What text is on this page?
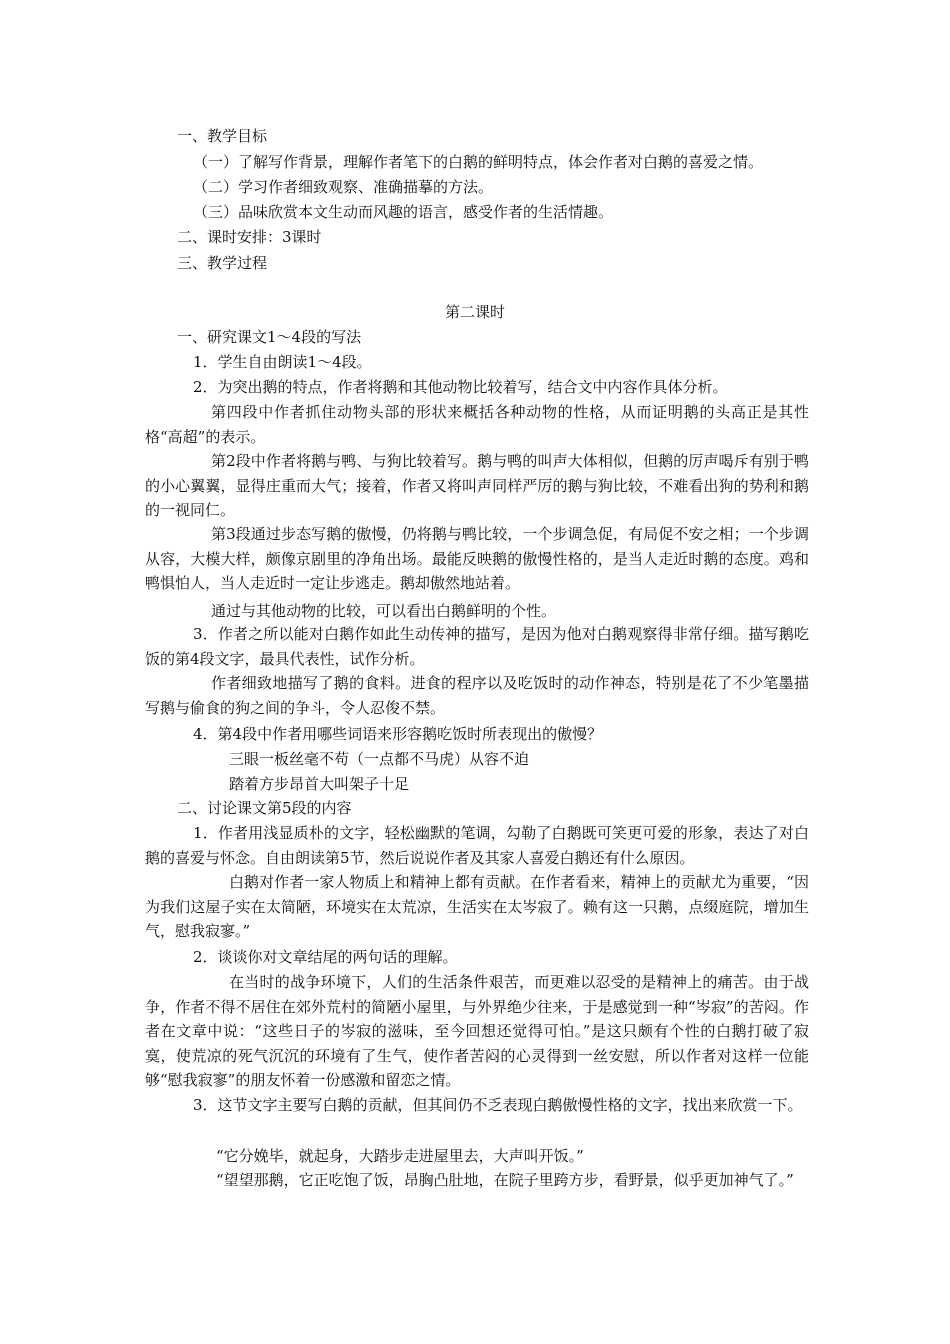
一、教学目标
（一）了解写作背景，理解作者笔下的白鹅的鲜明特点，体会作者对白鹅的喜爱之情。
（二）学习作者细致观察、准确描摹的方法。
（三）品味欣赏本文生动而风趣的语言，感受作者的生活情趣。
二、课时安排：3课时
三、教学过程
第二课时
一、研究课文1～4段的写法
1．学生自由朗读1～4段。
2．为突出鹅的特点，作者将鹅和其他动物比较着写，结合文中内容作具体分析。
第四段中作者抓住动物头部的形状来概括各种动物的性格，从而证明鹅的头高正是其性格“高超”的表示。
第2段中作者将鹅与鸭、与狗比较着写。鹅与鸭的叫声大体相似，但鹅的厉声喝斥有别于鸭的小心翼翼，显得庄重而大气；接着，作者又将叫声同样严厉的鹅与狗比较，不难看出狗的势利和鹅的一视同仁。
第3段通过步态写鹅的傲慢，仍将鹅与鸭比较，一个步调急促，有局促不安之相；一个步调从容，大模大样，颇像京剧里的净角出场。最能反映鹅的傲慢性格的，是当人走近时鹅的态度。鸡和鸭惧怕人，当人走近时一定让步逃走。鹅却傲然地站着。
通过与其他动物的比较，可以看出白鹅鲜明的个性。
3．作者之所以能对白鹅作如此生动传神的描写，是因为他对白鹅观察得非常仔细。描写鹅吃饭的第4段文字，最具代表性，试作分析。
作者细致地描写了鹅的食料。进食的程序以及吃饭时的动作神态，特别是花了不少笔墨描写鹅与偷食的狗之间的争斗，令人忍俊不禁。
4．第4段中作者用哪些词语来形容鹅吃饭时所表现出的傲慢？
三眼一板丝毫不苟（一点都不马虎）从容不迫
踏着方步昂首大叫架子十足
二、讨论课文第5段的内容
1．作者用浅显质朴的文字，轻松幽默的笔调，勾勒了白鹅既可笑更可爱的形象，表达了对白鹅的喜爱与怀念。自由朗读第5节，然后说说作者及其家人喜爱白鹅还有什么原因。
白鹅对作者一家人物质上和精神上都有贡献。在作者看来，精神上的贡献尤为重要，“因为我们这屋子实在太简陋，环境实在太荒凉，生活实在太岑寂了。赖有这一只鹅，点缀庭院，增加生气，慰我寂寥。”
2．谈谈你对文章结尾的两句话的理解。
在当时的战争环境下，人们的生活条件艰苦，而更难以忍受的是精神上的痛苦。由于战争，作者不得不居住在郊外荒村的简陋小屋里，与外界绝少往来，于是感觉到一种“岑寂”的苦闷。作者在文章中说：“这些日子的岑寂的滋味，至今回想还觉得可怕。”是这只颇有个性的白鹅打破了寂寞，使荒凉的死气沉沉的环境有了生气，使作者苦闷的心灵得到一丝安慰，所以作者对这样一位能够“慰我寂寥”的朋友怀着一份感激和留恋之情。
3．这节文字主要写白鹅的贡献，但其间仍不乏表现白鹅傲慢性格的文字，找出来欣赏一下。
“它分娩毕，就起身，大踏步走进屋里去，大声叫开饭。”
“望望那鹅，它正吃饱了饭，昂胸凸肚地，在院子里跨方步，看野景，似乎更加神气了。”
